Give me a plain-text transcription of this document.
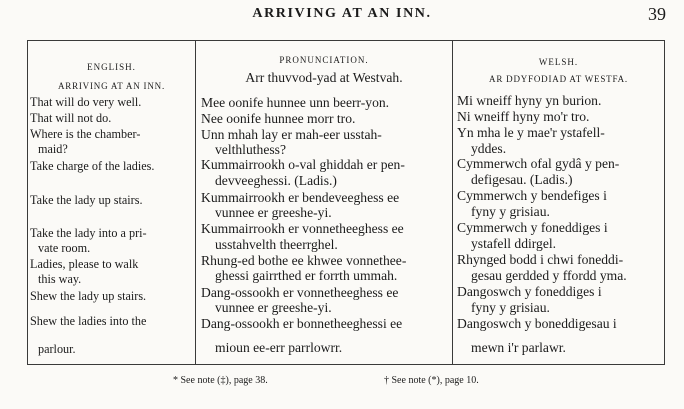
ARRIVING AT AN INN.	39
ENGLISH.
ARRIVING AT AN INN.
PRONUNCIATION.
Arr thuvvod-yad at Westvah.
WELSH.
AR DDYFODIAD AT WESTFA.
That will do very well.
That will not do.
Where is the chamber-
maid?
Take charge of the ladies.
Take the lady up stairs.
Take the lady into a pri-
vate room.
Ladies, please to walk
this way.
Shew the lady up stairs.
Shew the ladies into the
parlour.
Mee oonife hunnee unn beerr-yon.
Nee oonife hunnee morr tro.
Unn mhah lay er mah-eer usstah-
velthluthess?
Kummairrookh o-val ghiddah er pen-
devveeghessi. (Ladis.)
Kummairrookh er bendeveeghess ee
vunnee er greeshe-yi.
Kummairrookh er vonnetheeghess ee
usstahvelth theerrghel.
Rhung-ed bothe ee khwee vonnethee-
ghessi gairrthed er forrth ummah.
Dang-ossookh er vonnetheeghess ee
vunnee er greeshe-yi.
Dang-ossookh er bonnetheeghessi ee
mioun ee-err parrlowrr.
Mi wneiff hyny yn burion.
Ni wneiff hyny mo'r tro.
Yn mha le y mae'r ystafell-
yddes.
Cymmerwch ofal gydâ y pen-
defigesau. (Ladis.)
Cymmerwch y bendefiges i
fyny y grisiau.
Cymmerwch y foneddiges i
ystafell ddirgel.
Rhynged bodd i chwi foneddi-
gesau gerdded y ffordd yma.
Dangoswch y foneddiges i
fyny y grisiau.
Dangoswch y boneddigesau i
mewn i'r parlawr.
* See note (‡), page 38.	† See note (*), page 10.
